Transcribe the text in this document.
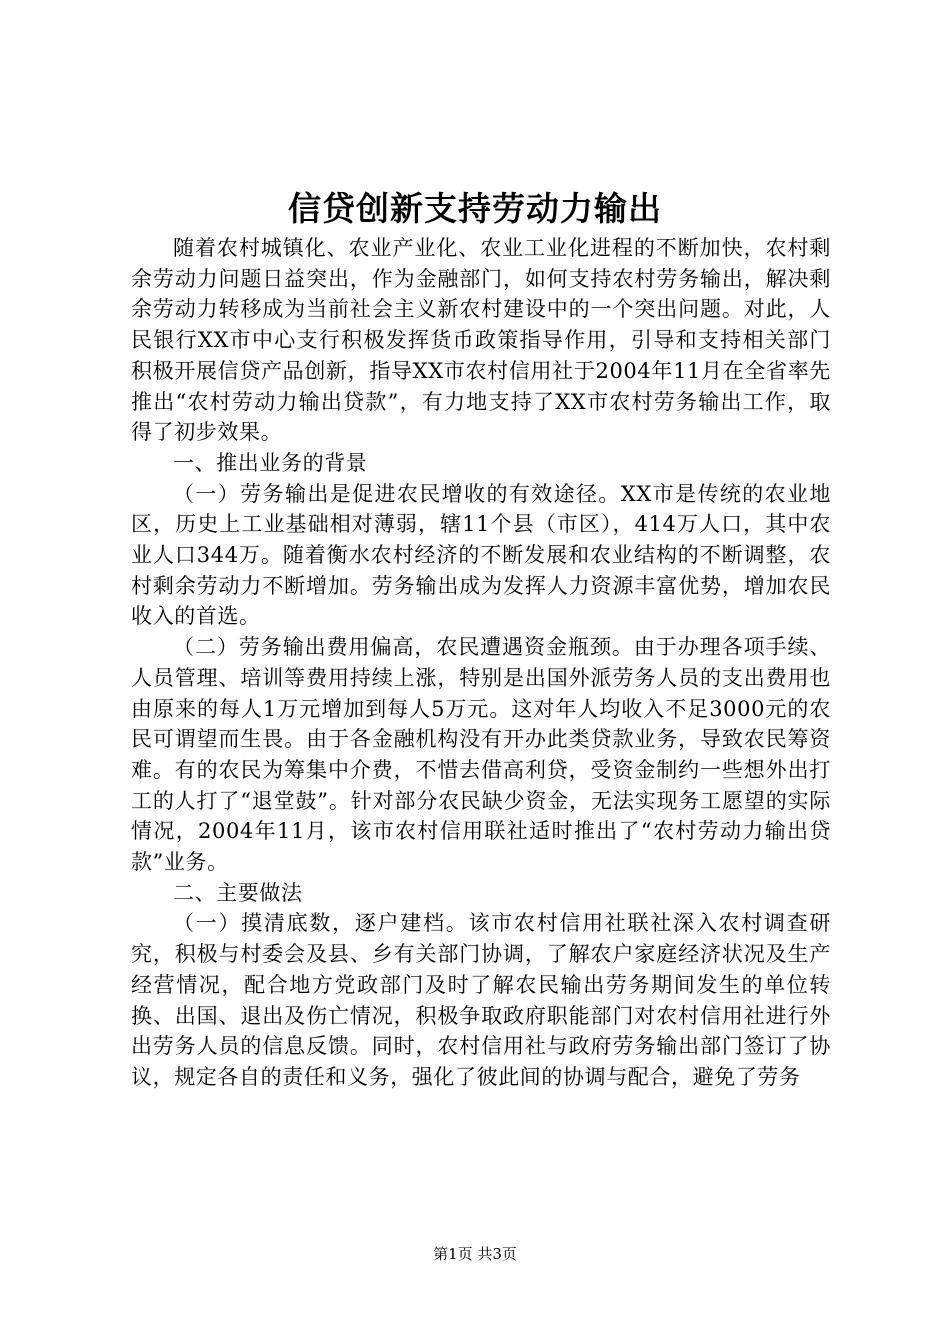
信贷创新支持劳动力输出

随着农村城镇化、农业产业化、农业工业化进程的不断加快，农村剩余劳动力问题日益突出，作为金融部门，如何支持农村劳务输出，解决剩余劳动力转移成为当前社会主义新农村建设中的一个突出问题。对此，人民银行XX市中心支行积极发挥货币政策指导作用，引导和支持相关部门积极开展信贷产品创新，指导XX市农村信用社于2004年11月在全省率先推出“农村劳动力输出贷款”，有力地支持了XX市农村劳务输出工作，取得了初步效果。

一、推出业务的背景

（一）劳务输出是促进农民增收的有效途径。XX市是传统的农业地区，历史上工业基础相对薄弱，辖11个县（市区），414万人口，其中农业人口344万。随着衡水农村经济的不断发展和农业结构的不断调整，农村剩余劳动力不断增加。劳务输出成为发挥人力资源丰富优势，增加农民收入的首选。

（二）劳务输出费用偏高，农民遭遇资金瓶颈。由于办理各项手续、人员管理、培训等费用持续上涨，特别是出国外派劳务人员的支出费用也由原来的每人1万元增加到每人5万元。这对年人均收入不足3000元的农民可谓望而生畏。由于各金融机构没有开办此类贷款业务，导致农民筹资难。有的农民为筹集中介费，不惜去借高利贷，受资金制约一些想外出打工的人打了“退堂鼓”。针对部分农民缺少资金，无法实现务工愿望的实际情况，2004年11月，该市农村信用联社适时推出了“农村劳动力输出贷款”业务。

二、主要做法

（一）摸清底数，逐户建档。该市农村信用社联社深入农村调查研究，积极与村委会及县、乡有关部门协调，了解农户家庭经济状况及生产经营情况，配合地方党政部门及时了解农民输出劳务期间发生的单位转换、出国、退出及伤亡情况，积极争取政府职能部门对农村信用社进行外出劳务人员的信息反馈。同时，农村信用社与政府劳务输出部门签订了协议，规定各自的责任和义务，强化了彼此间的协调与配合，避免了劳务

第1页 共3页
